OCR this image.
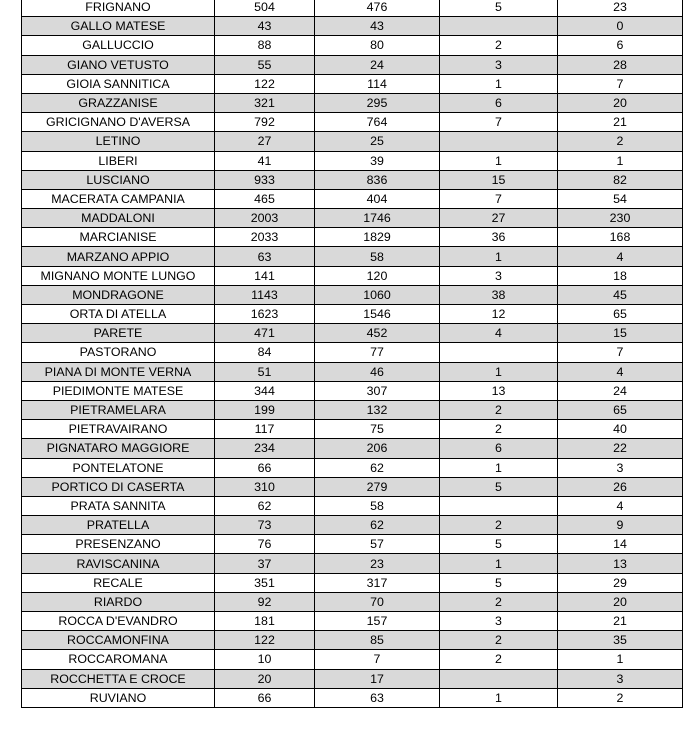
FRIGNANO	504	476	5	23
GALLO MATESE	43	43		0
GALLUCCIO	88	80	2	6
GIANO VETUSTO	55	24	3	28
GIOIA SANNITICA	122	114	1	7
GRAZZANISE	321	295	6	20
GRICIGNANO D'AVERSA	792	764	7	21
LETINO	27	25		2
LIBERI	41	39	1	1
LUSCIANO	933	836	15	82
MACERATA CAMPANIA	465	404	7	54
MADDALONI	2003	1746	27	230
MARCIANISE	2033	1829	36	168
MARZANO APPIO	63	58	1	4
MIGNANO MONTE LUNGO	141	120	3	18
MONDRAGONE	1143	1060	38	45
ORTA DI ATELLA	1623	1546	12	65
PARETE	471	452	4	15
PASTORANO	84	77		7
PIANA DI MONTE VERNA	51	46	1	4
PIEDIMONTE MATESE	344	307	13	24
PIETRAMELARA	199	132	2	65
PIETRAVAIRANO	117	75	2	40
PIGNATARO MAGGIORE	234	206	6	22
PONTELATONE	66	62	1	3
PORTICO DI CASERTA	310	279	5	26
PRATA SANNITA	62	58		4
PRATELLA	73	62	2	9
PRESENZANO	76	57	5	14
RAVISCANINA	37	23	1	13
RECALE	351	317	5	29
RIARDO	92	70	2	20
ROCCA D'EVANDRO	181	157	3	21
ROCCAMONFINA	122	85	2	35
ROCCAROMANA	10	7	2	1
ROCCHETTA E CROCE	20	17		3
RUVIANO	66	63	1	2
